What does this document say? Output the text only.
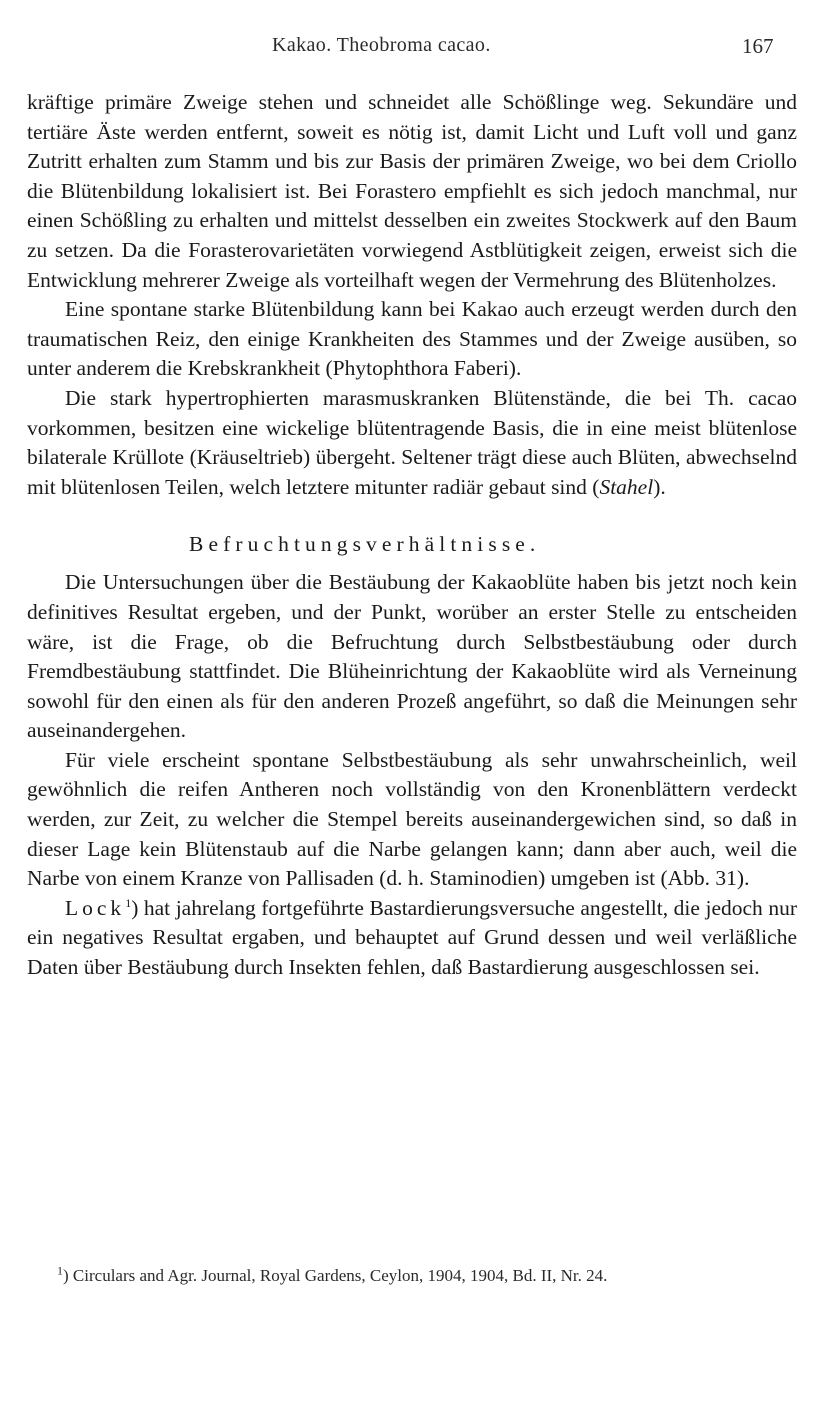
Kakao. Theobroma cacao.	167

kräftige primäre Zweige stehen und schneidet alle Schößlinge weg. Sekundäre und tertiäre Äste werden entfernt, soweit es nötig ist, damit Licht und Luft voll und ganz Zutritt erhalten zum Stamm und bis zur Basis der primären Zweige, wo bei dem Criollo die Blütenbildung lokalisiert ist. Bei Forastero empfiehlt es sich jedoch manchmal, nur einen Schößling zu erhalten und mittelst desselben ein zweites Stockwerk auf den Baum zu setzen. Da die Forasterovarietäten vorwiegend Astblütigkeit zeigen, erweist sich die Entwicklung mehrerer Zweige als vorteilhaft wegen der Vermehrung des Blütenholzes.

Eine spontane starke Blütenbildung kann bei Kakao auch erzeugt werden durch den traumatischen Reiz, den einige Krankheiten des Stammes und der Zweige ausüben, so unter anderem die Krebskrankheit (Phytophthora Faberi).

Die stark hypertrophierten marasmuskranken Blütenstände, die bei Th. cacao vorkommen, besitzen eine wickelige blütentragende Basis, die in eine meist blütenlose bilaterale Krüllote (Kräuseltrieb) übergeht. Seltener trägt diese auch Blüten, abwechselnd mit blütenlosen Teilen, welch letztere mitunter radiär gebaut sind (Stahel).

Befruchtungsverhältnisse.

Die Untersuchungen über die Bestäubung der Kakaoblüte haben bis jetzt noch kein definitives Resultat ergeben, und der Punkt, worüber an erster Stelle zu entscheiden wäre, ist die Frage, ob die Befruchtung durch Selbstbestäubung oder durch Fremdbestäubung stattfindet. Die Blüheinrichtung der Kakaoblüte wird als Verneinung sowohl für den einen als für den anderen Prozeß angeführt, so daß die Meinungen sehr auseinandergehen.

Für viele erscheint spontane Selbstbestäubung als sehr unwahrscheinlich, weil gewöhnlich die reifen Antheren noch vollständig von den Kronenblättern verdeckt werden, zur Zeit, zu welcher die Stempel bereits auseinandergewichen sind, so daß in dieser Lage kein Blütenstaub auf die Narbe gelangen kann; dann aber auch, weil die Narbe von einem Kranze von Pallisaden (d. h. Staminodien) umgeben ist (Abb. 31).

Lock$^1$) hat jahrelang fortgeführte Bastardierungsversuche angestellt, die jedoch nur ein negatives Resultat ergaben, und behauptet auf Grund dessen und weil verläßliche Daten über Bestäubung durch Insekten fehlen, daß Bastardierung ausgeschlossen sei.

$^1$) Circulars and Agr. Journal, Royal Gardens, Ceylon, 1904, 1904, Bd. II, Nr. 24.
